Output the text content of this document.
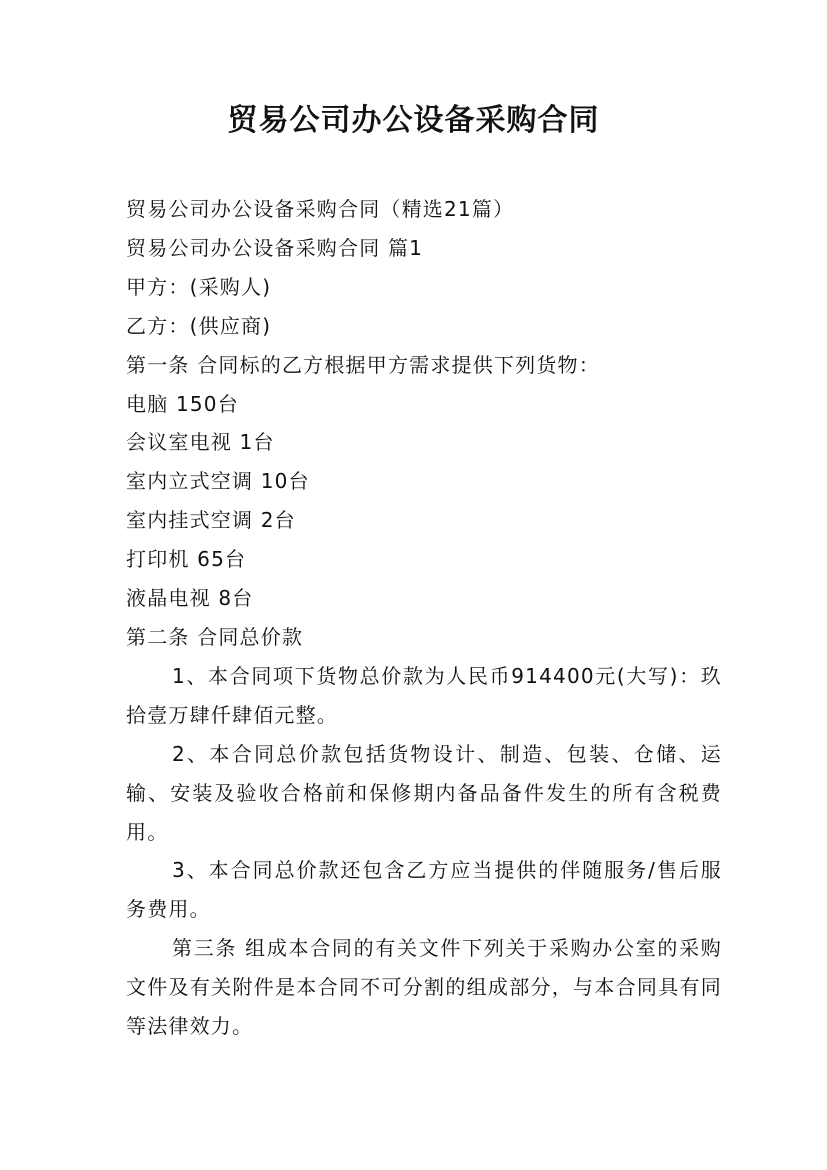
贸易公司办公设备采购合同

贸易公司办公设备采购合同（精选21篇）

贸易公司办公设备采购合同 篇1

甲方：(采购人)

乙方：(供应商)

第一条 合同标的乙方根据甲方需求提供下列货物：

电脑 150台

会议室电视 1台

室内立式空调 10台

室内挂式空调 2台

打印机 65台

液晶电视 8台

第二条 合同总价款

1、本合同项下货物总价款为人民币914400元(大写)：玖拾壹万肆仟肆佰元整。

2、本合同总价款包括货物设计、制造、包装、仓储、运输、安装及验收合格前和保修期内备品备件发生的所有含税费用。

3、本合同总价款还包含乙方应当提供的伴随服务/售后服务费用。

第三条 组成本合同的有关文件下列关于采购办公室的采购文件及有关附件是本合同不可分割的组成部分，与本合同具有同等法律效力。
